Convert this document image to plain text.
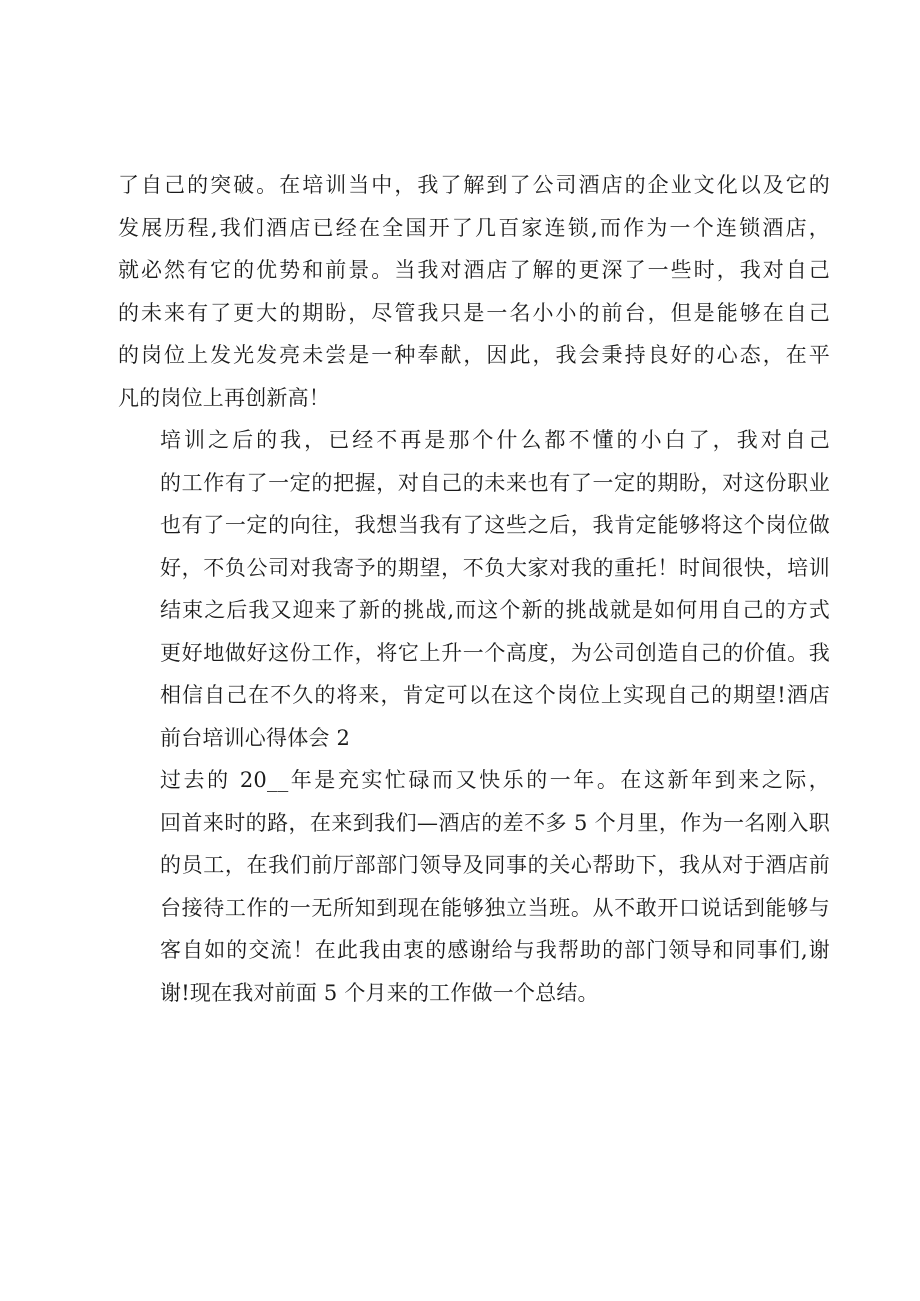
了自己的突破。在培训当中，我了解到了公司酒店的企业文化以及它的
发展历程,我们酒店已经在全国开了几百家连锁,而作为一个连锁酒店，
就必然有它的优势和前景。当我对酒店了解的更深了一些时，我对自己
的未来有了更大的期盼，尽管我只是一名小小的前台，但是能够在自己
的岗位上发光发亮未尝是一种奉献，因此，我会秉持良好的心态，在平
凡的岗位上再创新高！

培训之后的我，已经不再是那个什么都不懂的小白了，我对自己
的工作有了一定的把握，对自己的未来也有了一定的期盼，对这份职业
也有了一定的向往，我想当我有了这些之后，我肯定能够将这个岗位做
好，不负公司对我寄予的期望，不负大家对我的重托！时间很快，培训
结束之后我又迎来了新的挑战,而这个新的挑战就是如何用自己的方式
更好地做好这份工作，将它上升一个高度，为公司创造自己的价值。我
相信自己在不久的将来，肯定可以在这个岗位上实现自己的期望!酒店
前台培训心得体会 2

过去的 20__年是充实忙碌而又快乐的一年。在这新年到来之际，
回首来时的路，在来到我们—酒店的差不多 5 个月里，作为一名刚入职
的员工，在我们前厅部部门领导及同事的关心帮助下，我从对于酒店前
台接待工作的一无所知到现在能够独立当班。从不敢开口说话到能够与
客自如的交流！在此我由衷的感谢给与我帮助的部门领导和同事们,谢
谢!现在我对前面 5 个月来的工作做一个总结。
